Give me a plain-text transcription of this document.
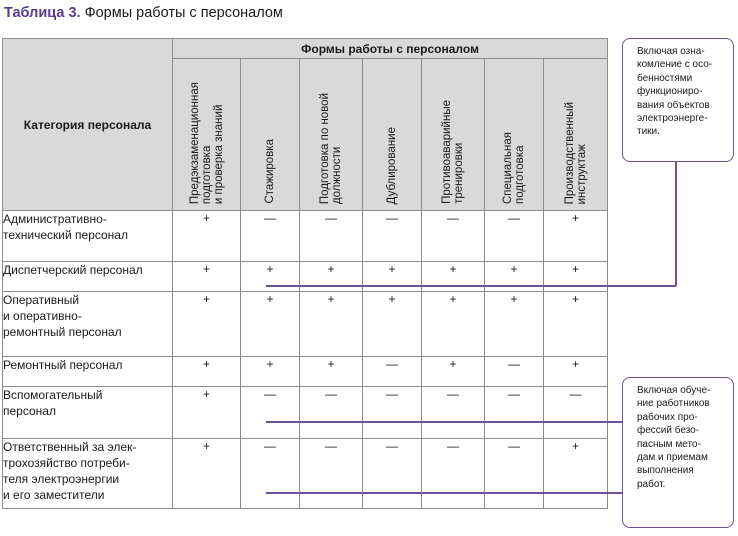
Таблица 3. Формы работы с персоналом
Категория персонала	Формы работы с персоналом						

	Предэкзаменационная
подготовка
и проверка знаний	Стажировка	Подготовка по новой
должности	Дублирование	Противоаварийные
тренировки	Специальная
подготовка	Производственный
инструктаж

Административно-
технический персонал	+	—	—	—	—	—	+
Диспетчерский персонал	+	+	+	+	+	+	+
Оперативный
и оперативно-
ремонтный персонал	+	+	+	+	+	+	+
Ремонтный персонал	+	+	+	—	+	—	+
Вспомогательный
персонал	+	—	—	—	—	—	—
Ответственный за элек-
трохозяйство потреби-
теля электроэнергии
и его заместители	+	—	—	—	—	—	+
Включая озна-
комление с осо-
бенностями
функциониро-
вания объектов
электроэнерге-
тики.
Включая обуче-
ние работников
рабочих про-
фессий безо-
пасным мето-
дам и приемам
выполнения
работ.
